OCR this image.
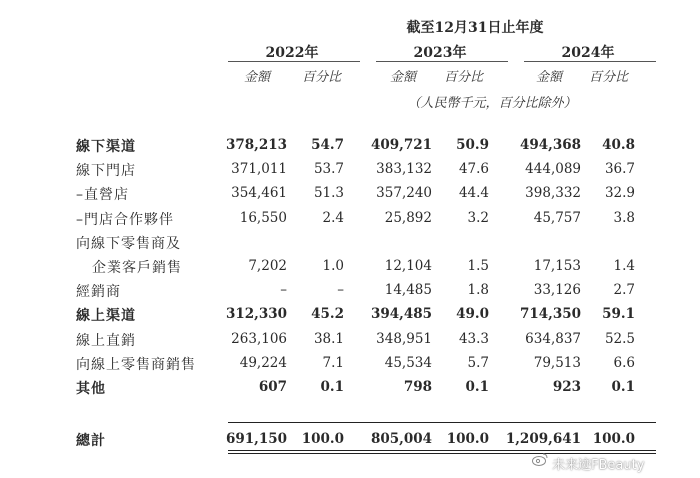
截至12月31日止年度
2022年	2023年	2024年
金額 百分比	金額 百分比	金額 百分比
（人民幣千元，百分比除外）
線下渠道	378,213	54.7	409,721	50.9	494,368	40.8
線下門店	371,011	53.7	383,132	47.6	444,089	36.7
–直營店	354,461	51.3	357,240	44.4	398,332	32.9
–門店合作夥伴	16,550	2.4	25,892	3.2	45,757	3.8
向線下零售商及
企業客戶銷售	7,202	1.0	12,104	1.5	17,153	1.4
經銷商	–	–	14,485	1.8	33,126	2.7
線上渠道	312,330	45.2	394,485	49.0	714,350	59.1
線上直銷	263,106	38.1	348,951	43.3	634,837	52.5
向線上零售商銷售	49,224	7.1	45,534	5.7	79,513	6.6
其他	607	0.1	798	0.1	923	0.1
總計	691,150	100.0	805,004	100.0	1,209,641 100.0
未来迹FBeauty
